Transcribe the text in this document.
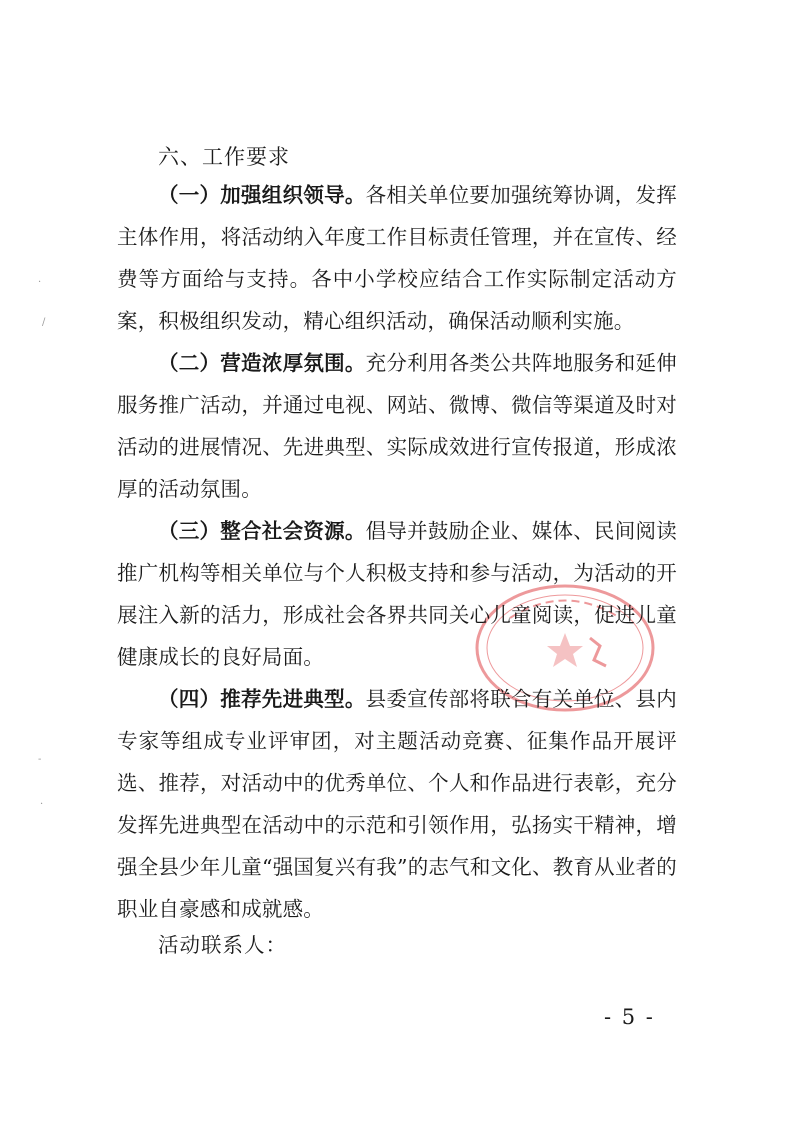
·
/
-
·
六、工作要求
（一）加强组织领导。各相关单位要加强统筹协调，发挥主体作用，将活动纳入年度工作目标责任管理，并在宣传、经费等方面给与支持。各中小学校应结合工作实际制定活动方案，积极组织发动，精心组织活动，确保活动顺利实施。
（二）营造浓厚氛围。充分利用各类公共阵地服务和延伸服务推广活动，并通过电视、网站、微博、微信等渠道及时对活动的进展情况、先进典型、实际成效进行宣传报道，形成浓厚的活动氛围。
（三）整合社会资源。倡导并鼓励企业、媒体、民间阅读推广机构等相关单位与个人积极支持和参与活动，为活动的开展注入新的活力，形成社会各界共同关心儿童阅读，促进儿童健康成长的良好局面。
（四）推荐先进典型。县委宣传部将联合有关单位、县内专家等组成专业评审团，对主题活动竞赛、征集作品开展评选、推荐，对活动中的优秀单位、个人和作品进行表彰，充分发挥先进典型在活动中的示范和引领作用，弘扬实干精神，增强全县少年儿童“强国复兴有我”的志气和文化、教育从业者的职业自豪感和成就感。
活动联系人：
- 5 -
